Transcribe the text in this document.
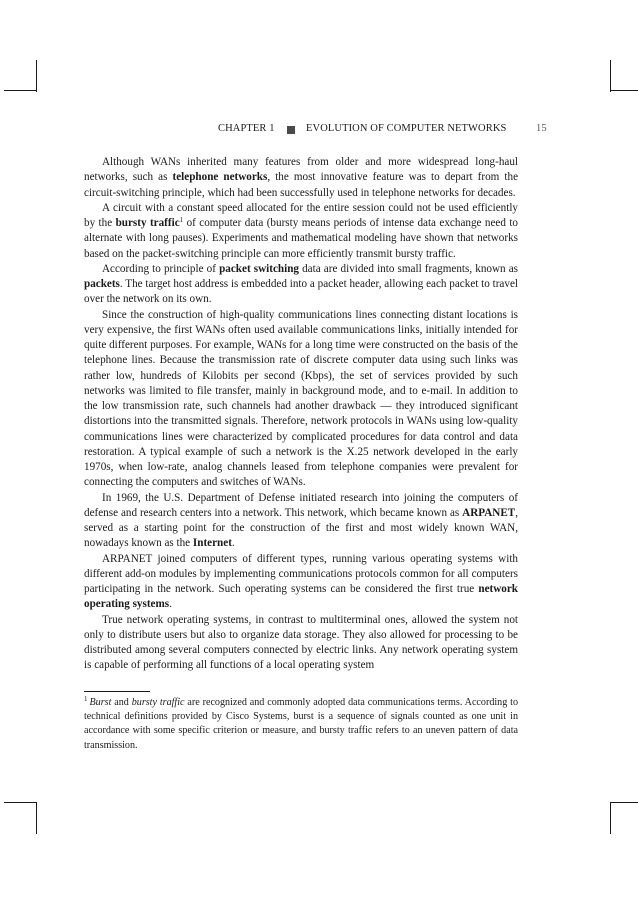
CHAPTER 1	EVOLUTION OF COMPUTER NETWORKS	15

Although WANs inherited many features from older and more widespread long-haul networks, such as telephone networks, the most innovative feature was to depart from the circuit-switching principle, which had been successfully used in telephone networks for decades.

A circuit with a constant speed allocated for the entire session could not be used efficiently by the bursty traffic$^1$ of computer data (bursty means periods of intense data exchange need to alternate with long pauses). Experiments and mathematical modeling have shown that networks based on the packet-switching principle can more efficiently transmit bursty traffic.

According to principle of packet switching data are divided into small fragments, known as packets. The target host address is embedded into a packet header, allowing each packet to travel over the network on its own.

Since the construction of high-quality communications lines connecting distant locations is very expensive, the first WANs often used available communications links, initially intended for quite different purposes. For example, WANs for a long time were constructed on the basis of the telephone lines. Because the transmission rate of discrete computer data using such links was rather low, hundreds of Kilobits per second (Kbps), the set of services provided by such networks was limited to file transfer, mainly in background mode, and to e-mail. In addition to the low transmission rate, such channels had another drawback — they introduced significant distortions into the transmitted signals. Therefore, network protocols in WANs using low-quality communications lines were characterized by complicated procedures for data control and data restoration. A typical example of such a network is the X.25 network developed in the early 1970s, when low-rate, analog channels leased from telephone companies were prevalent for connecting the computers and switches of WANs.

In 1969, the U.S. Department of Defense initiated research into joining the computers of defense and research centers into a network. This network, which became known as ARPANET, served as a starting point for the construction of the first and most widely known WAN, nowadays known as the Internet.

ARPANET joined computers of different types, running various operating systems with different add-on modules by implementing communications protocols common for all computers participating in the network. Such operating systems can be considered the first true network operating systems.

True network operating systems, in contrast to multiterminal ones, allowed the system not only to distribute users but also to organize data storage. They also allowed for processing to be distributed among several computers connected by electric links. Any network operating system is capable of performing all functions of a local operating system

$^1$ Burst and bursty traffic are recognized and commonly adopted data communications terms. According to technical definitions provided by Cisco Systems, burst is a sequence of signals counted as one unit in accordance with some specific criterion or measure, and bursty traffic refers to an uneven pattern of data transmission.
